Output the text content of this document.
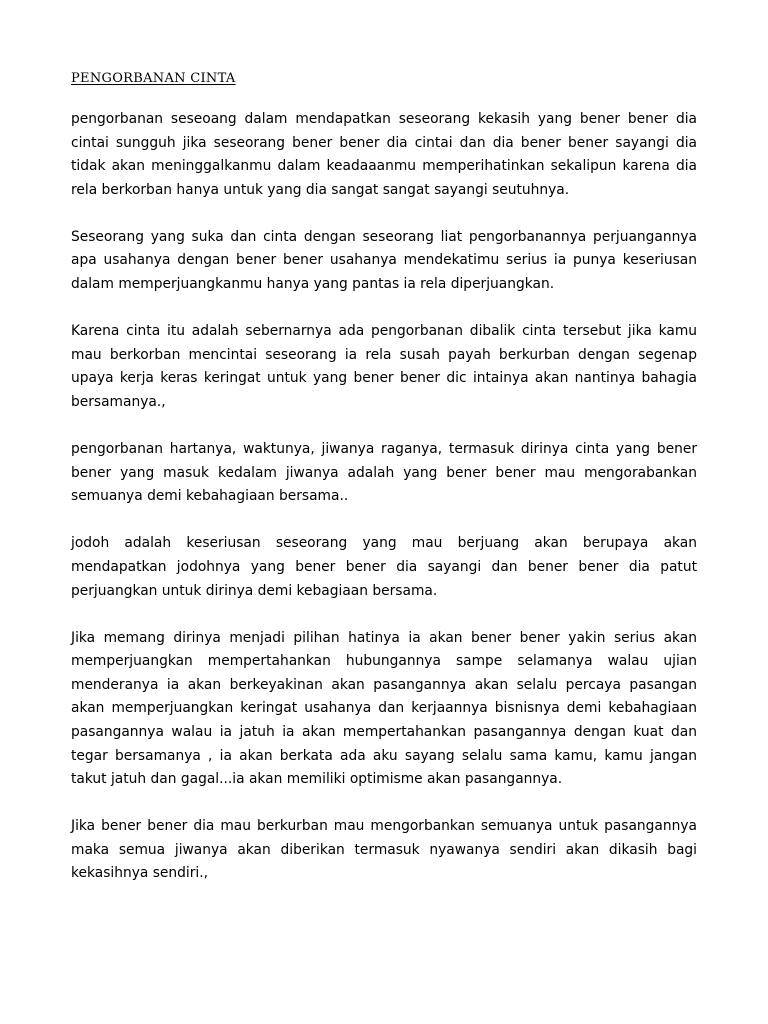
PENGORBANAN CINTA

pengorbanan seseoang dalam mendapatkan seseorang kekasih yang bener bener dia cintai sungguh jika seseorang bener bener dia cintai dan dia bener bener sayangi dia tidak akan meninggalkanmu dalam keadaaanmu memperihatinkan sekalipun karena dia rela berkorban hanya untuk yang dia sangat sangat sayangi seutuhnya.

Seseorang yang suka dan cinta dengan seseorang liat pengorbanannya perjuangannya apa usahanya dengan bener bener usahanya mendekatimu serius ia punya keseriusan dalam memperjuangkanmu hanya yang pantas ia rela diperjuangkan.

Karena cinta itu adalah sebernarnya ada pengorbanan dibalik cinta tersebut jika kamu mau berkorban mencintai seseorang ia rela susah payah berkurban dengan segenap upaya kerja keras keringat untuk yang bener bener dic intainya akan nantinya bahagia bersamanya.,

pengorbanan hartanya, waktunya, jiwanya raganya, termasuk dirinya cinta yang bener bener yang masuk kedalam jiwanya adalah yang bener bener mau mengorabankan semuanya demi kebahagiaan bersama..

jodoh adalah keseriusan seseorang yang mau berjuang akan berupaya akan mendapatkan jodohnya yang bener bener dia sayangi dan bener bener dia patut perjuangkan untuk dirinya demi kebagiaan bersama.

Jika memang dirinya menjadi pilihan hatinya ia akan bener bener yakin serius akan memperjuangkan mempertahankan hubungannya sampe selamanya walau ujian menderanya ia akan berkeyakinan akan pasangannya akan selalu percaya pasangan akan memperjuangkan keringat usahanya dan kerjaannya bisnisnya demi kebahagiaan pasangannya walau ia jatuh ia akan mempertahankan pasangannya dengan kuat dan tegar bersamanya , ia akan berkata ada aku sayang selalu sama kamu, kamu jangan takut jatuh dan gagal...ia akan memiliki optimisme akan pasangannya.

Jika bener bener dia mau berkurban mau mengorbankan semuanya untuk pasangannya maka semua jiwanya akan diberikan termasuk nyawanya sendiri akan dikasih bagi kekasihnya sendiri.,
